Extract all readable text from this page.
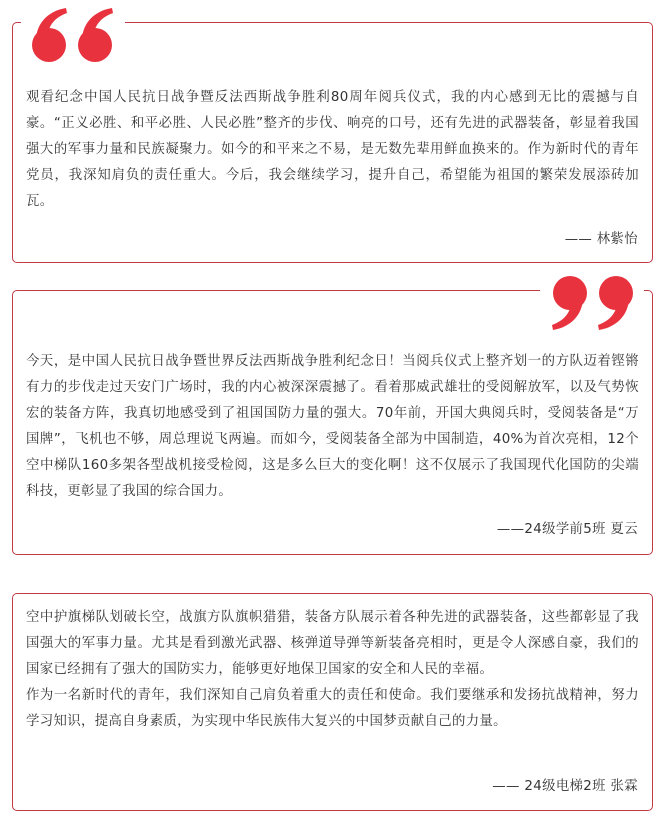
观看纪念中国人民抗日战争暨反法西斯战争胜利80周年阅兵仪式，我的内心感到无比的震撼与自豪。“正义必胜、和平必胜、人民必胜”整齐的步伐、响亮的口号，还有先进的武器装备，彰显着我国强大的军事力量和民族凝聚力。如今的和平来之不易，是无数先辈用鲜血换来的。作为新时代的青年党员，我深知肩负的责任重大。今后，我会继续学习，提升自己，希望能为祖国的繁荣发展添砖加瓦。

—— 林紫怡

今天，是中国人民抗日战争暨世界反法西斯战争胜利纪念日！当阅兵仪式上整齐划一的方队迈着铿锵有力的步伐走过天安门广场时，我的内心被深深震撼了。看着那威武雄壮的受阅解放军，以及气势恢宏的装备方阵，我真切地感受到了祖国国防力量的强大。70年前，开国大典阅兵时，受阅装备是“万国牌”，飞机也不够，周总理说飞两遍。而如今，受阅装备全部为中国制造，40%为首次亮相，12个空中梯队160多架各型战机接受检阅，这是多么巨大的变化啊！这不仅展示了我国现代化国防的尖端科技，更彰显了我国的综合国力。

——24级学前5班 夏云

空中护旗梯队划破长空，战旗方队旗帜猎猎，装备方队展示着各种先进的武器装备，这些都彰显了我国强大的军事力量。尤其是看到激光武器、核弹道导弹等新装备亮相时，更是令人深感自豪，我们的国家已经拥有了强大的国防实力，能够更好地保卫国家的安全和人民的幸福。

作为一名新时代的青年，我们深知自己肩负着重大的责任和使命。我们要继承和发扬抗战精神，努力学习知识，提高自身素质，为实现中华民族伟大复兴的中国梦贡献自己的力量。

—— 24级电梯2班 张霖
